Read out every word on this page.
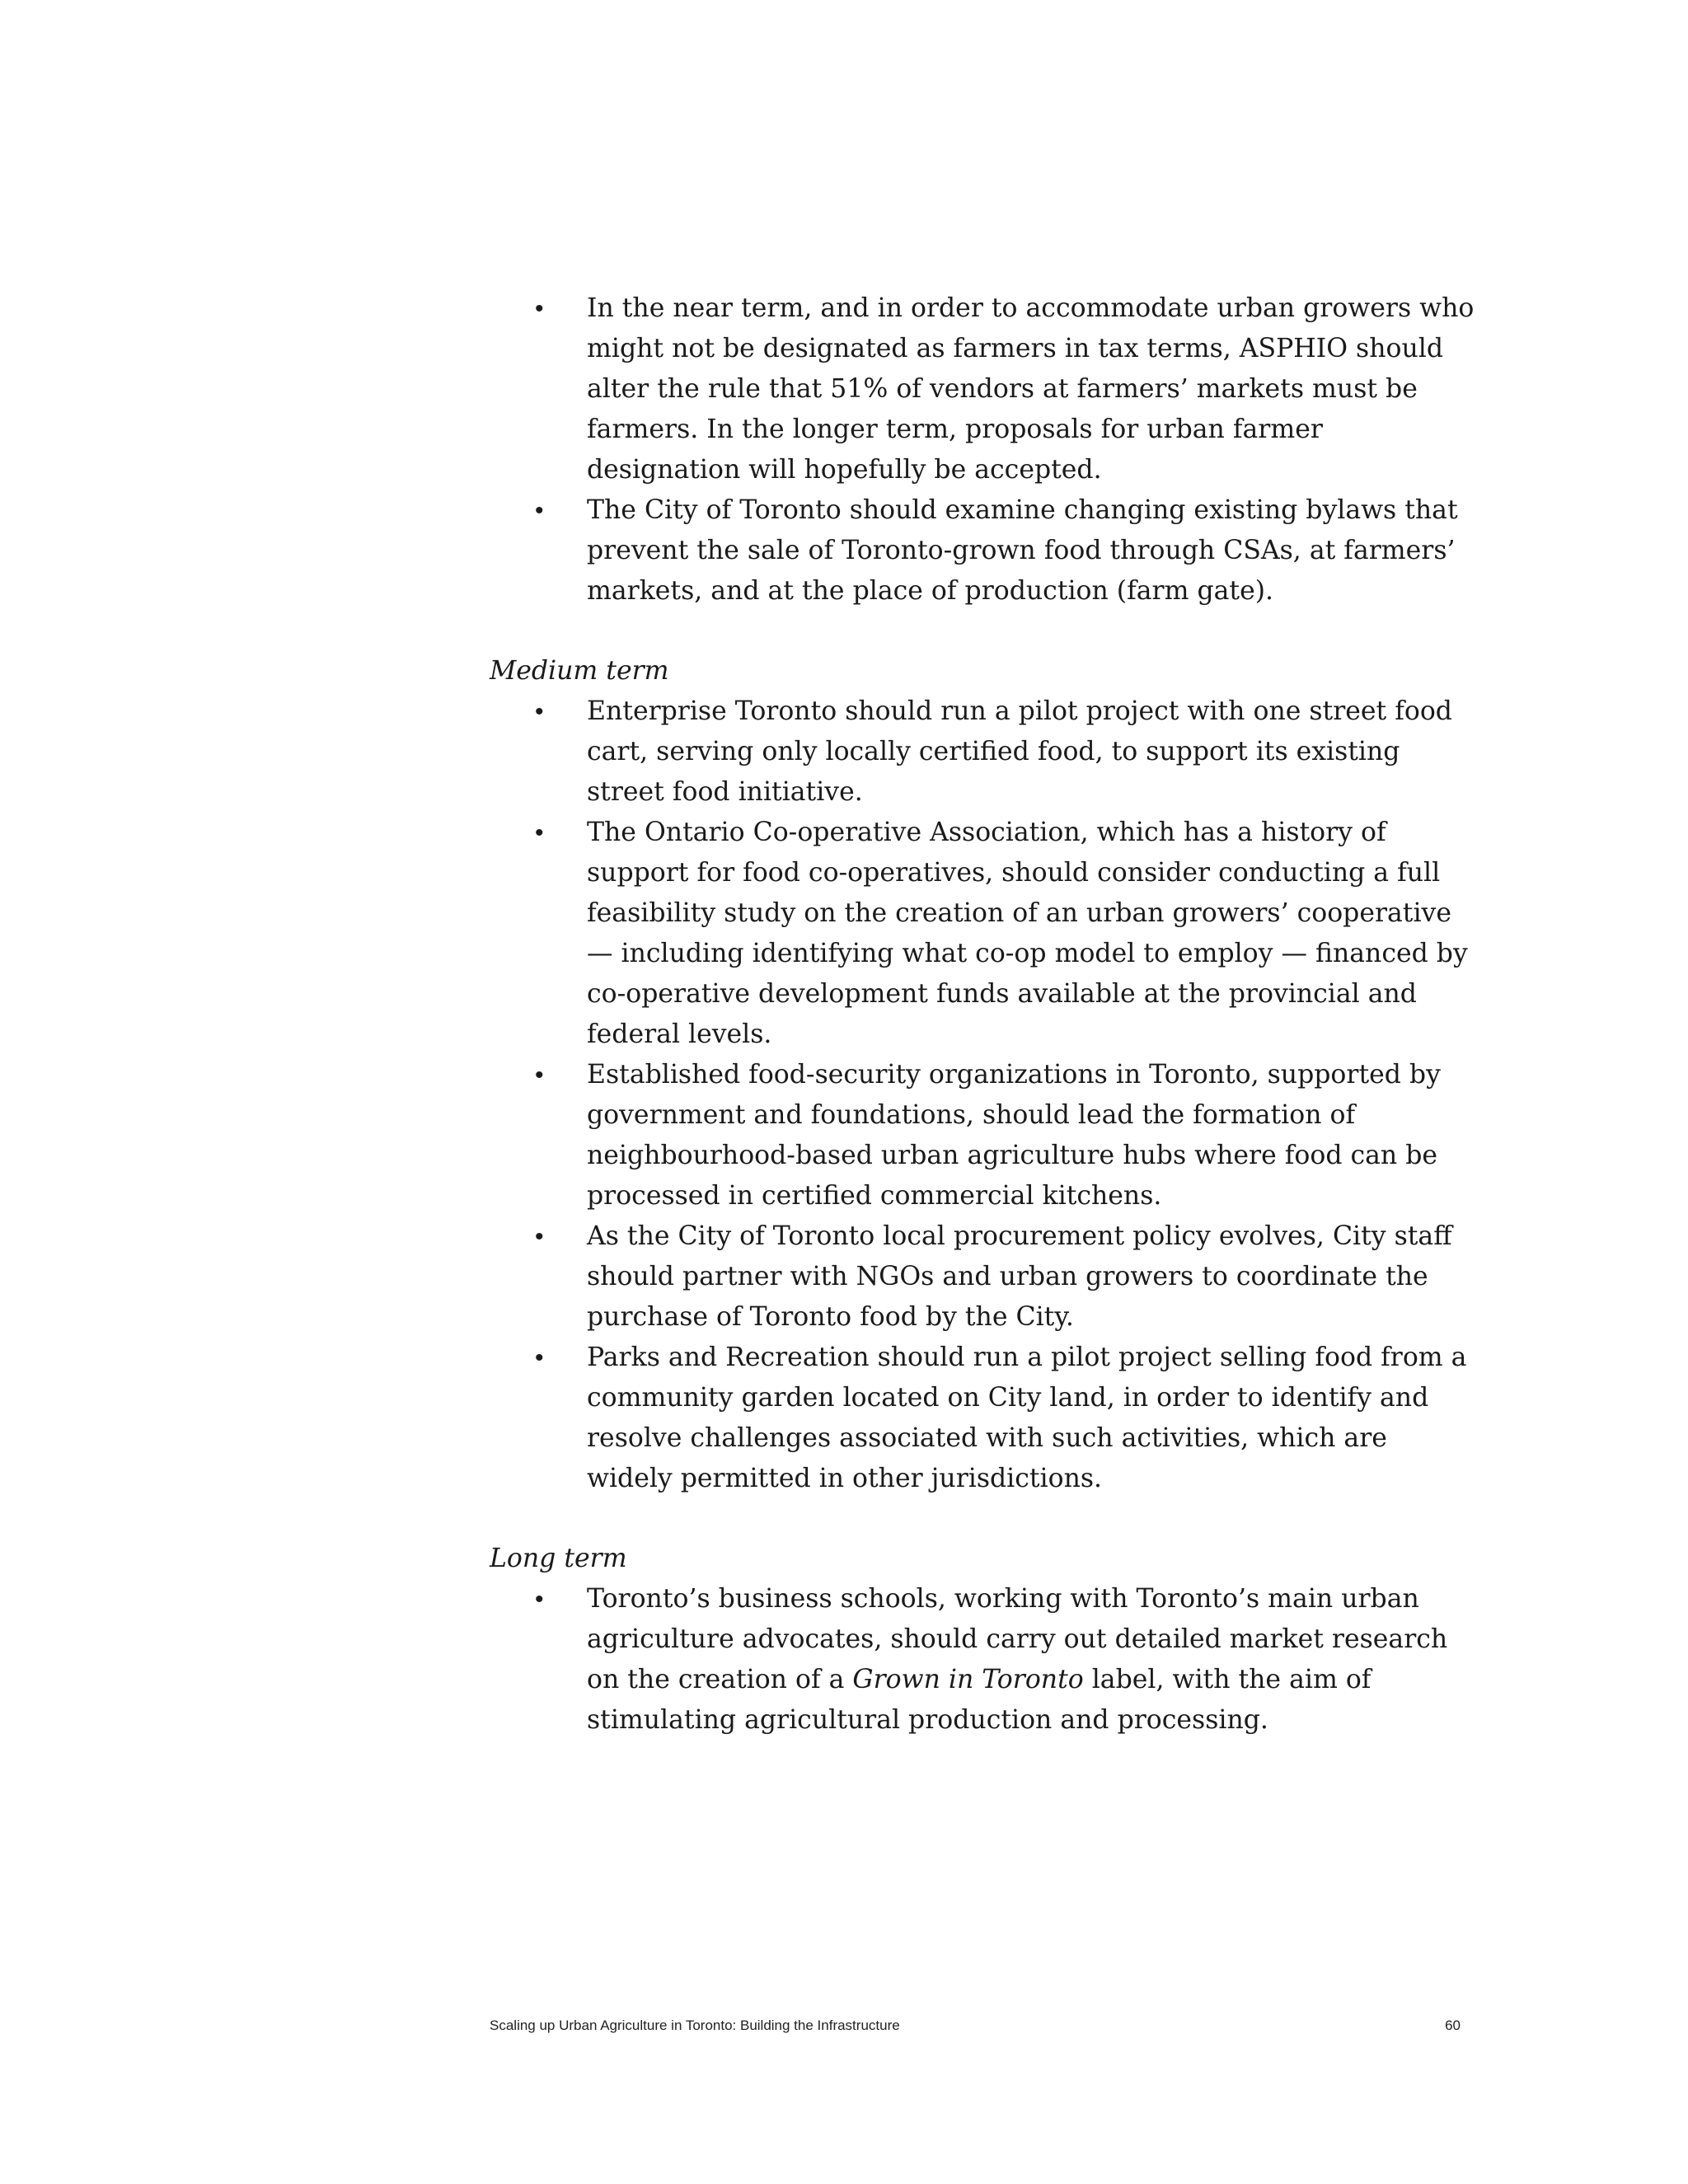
• In the near term, and in order to accommodate urban growers who might not be designated as farmers in tax terms, ASPHIO should alter the rule that 51% of vendors at farmers’ markets must be farmers. In the longer term, proposals for urban farmer designation will hopefully be accepted.
• The City of Toronto should examine changing existing bylaws that prevent the sale of Toronto-grown food through CSAs, at farmers’ markets, and at the place of production (farm gate).

Medium term

• Enterprise Toronto should run a pilot project with one street food cart, serving only locally certified food, to support its existing street food initiative.
• The Ontario Co-operative Association, which has a history of support for food co-operatives, should consider conducting a full feasibility study on the creation of an urban growers’ cooperative — including identifying what co-op model to employ — financed by co-operative development funds available at the provincial and federal levels.
• Established food-security organizations in Toronto, supported by government and foundations, should lead the formation of neighbourhood-based urban agriculture hubs where food can be processed in certified commercial kitchens.
• As the City of Toronto local procurement policy evolves, City staff should partner with NGOs and urban growers to coordinate the purchase of Toronto food by the City.
• Parks and Recreation should run a pilot project selling food from a community garden located on City land, in order to identify and resolve challenges associated with such activities, which are widely permitted in other jurisdictions.

Long term

• Toronto’s business schools, working with Toronto’s main urban agriculture advocates, should carry out detailed market research on the creation of a Grown in Toronto label, with the aim of stimulating agricultural production and processing.
Scaling up Urban Agriculture in Toronto: Building the Infrastructure	60
